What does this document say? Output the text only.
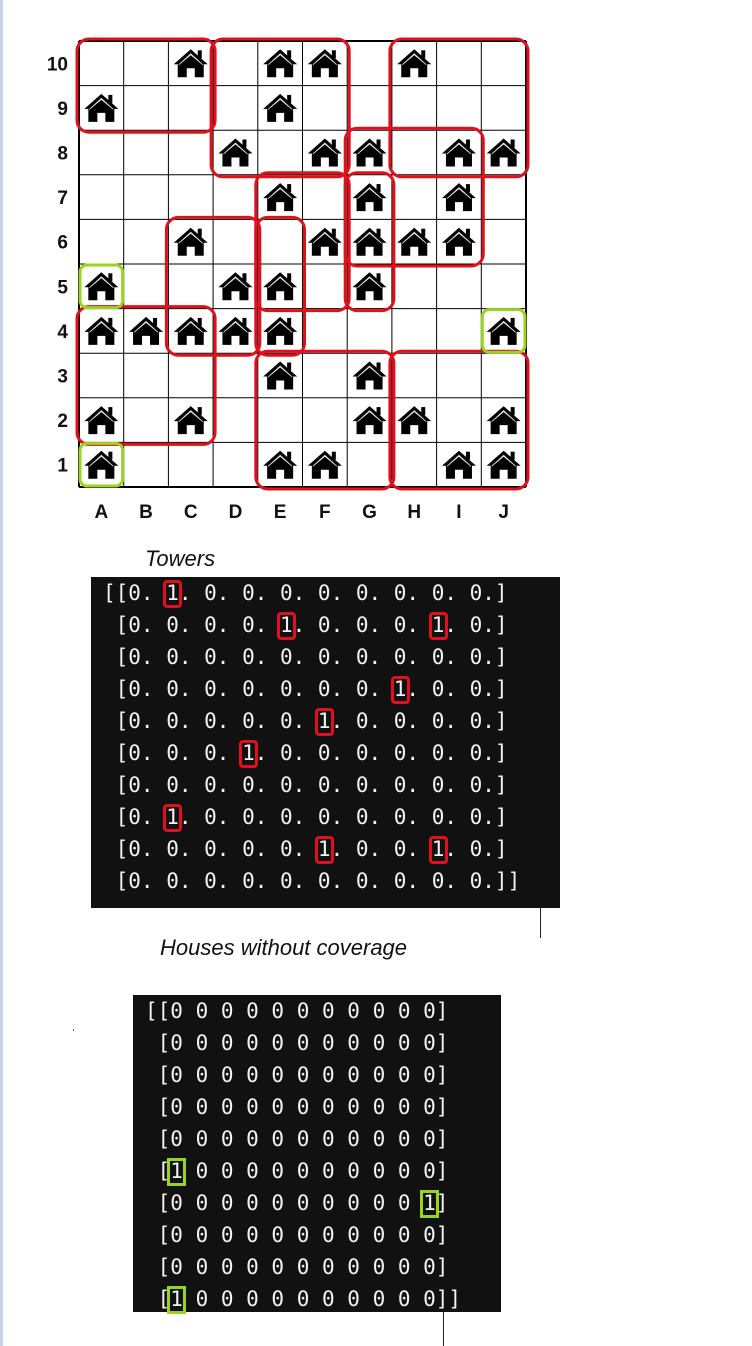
10
9
8
7
6
5
4
3
2
1
A B C D E F G H I J
Towers
[[0. 1. 0. 0. 0. 0. 0. 0. 0. 0.]
[0. 0. 0. 0. 1. 0. 0. 0. 1. 0.]
[0. 0. 0. 0. 0. 0. 0. 0. 0. 0.]
[0. 0. 0. 0. 0. 0. 0. 1. 0. 0.]
[0. 0. 0. 0. 0. 1. 0. 0. 0. 0.]
[0. 0. 0. 1. 0. 0. 0. 0. 0. 0.]
[0. 0. 0. 0. 0. 0. 0. 0. 0. 0.]
[0. 1. 0. 0. 0. 0. 0. 0. 0. 0.]
[0. 0. 0. 0. 0. 1. 0. 0. 1. 0.]
[0. 0. 0. 0. 0. 0. 0. 0. 0. 0.]]
Houses without coverage
[[0 0 0 0 0 0 0 0 0 0 0]
[0 0 0 0 0 0 0 0 0 0 0]
[0 0 0 0 0 0 0 0 0 0 0]
[0 0 0 0 0 0 0 0 0 0 0]
[0 0 0 0 0 0 0 0 0 0 0]
[1 0 0 0 0 0 0 0 0 0 0]
[0 0 0 0 0 0 0 0 0 0 1]
[0 0 0 0 0 0 0 0 0 0 0]
[0 0 0 0 0 0 0 0 0 0 0]
[1 0 0 0 0 0 0 0 0 0 0]]
